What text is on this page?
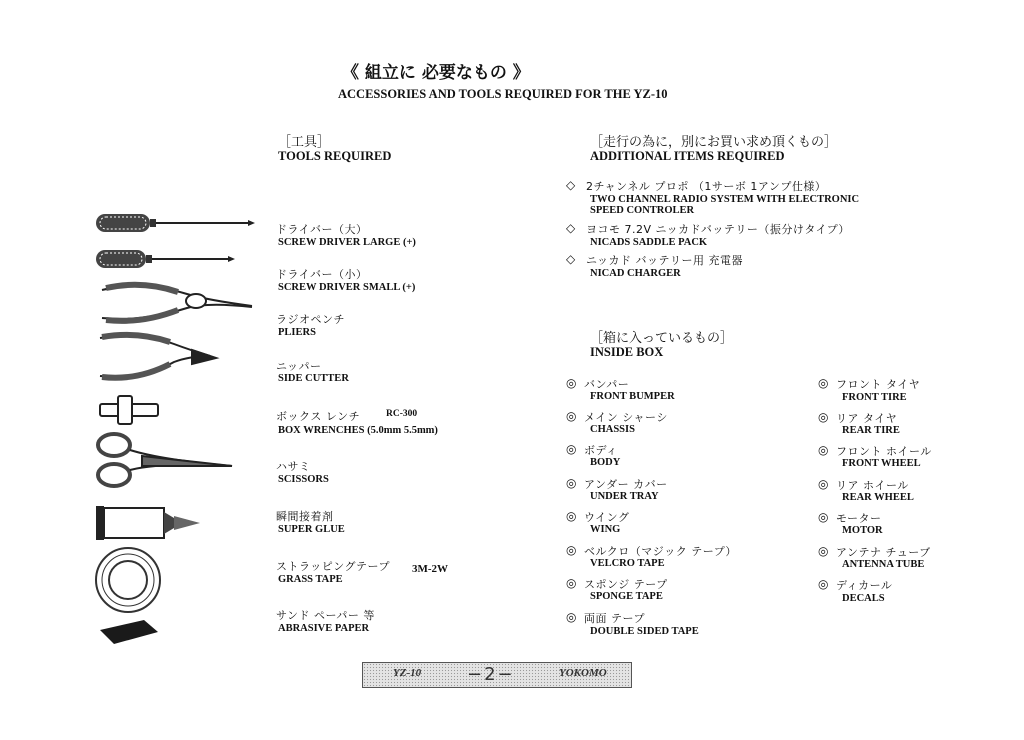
《 組立に 必要なもの 》
ACCESSORIES AND TOOLS REQUIRED FOR THE YZ-10
［工具］
TOOLS REQUIRED
ドライバー（大）
SCREW DRIVER LARGE (+)
ドライバー（小）
SCREW DRIVER SMALL (+)
ラジオペンチ
PLIERS
ニッパー
SIDE CUTTER
ボックス レンチ	RC-300
BOX WRENCHES (5.0mm 5.5mm)
ハサミ
SCISSORS
瞬間接着剤
SUPER GLUE
ストラッピングテープ 3M-2W
GRASS TAPE
サンド ペーパー 等
ABRASIVE PAPER
［走行の為に，別にお買い求め頂くもの］
ADDITIONAL ITEMS REQUIRED
◇ 2チャンネル プロポ （1サーボ 1アンプ仕様）
TWO CHANNEL RADIO SYSTEM WITH ELECTRONIC
SPEED CONTROLER
◇ ヨコモ 7.2V ニッカドバッテリー（振分けタイプ）
NICADS SADDLE PACK
◇ ニッカド バッテリー用 充電器
NICAD CHARGER
［箱に入っているもの］
INSIDE BOX
◎ バンパー
FRONT BUMPER
◎ メイン シャーシ
CHASSIS
◎ ボディ
BODY
◎ アンダー カバー
UNDER TRAY
◎ ウイング
WING
◎ ベルクロ（マジック テープ）
VELCRO TAPE
◎ スポンジ テープ
SPONGE TAPE
◎ 両面 テープ
DOUBLE SIDED TAPE
◎ フロント タイヤ
FRONT TIRE
◎ リア タイヤ
REAR TIRE
◎ フロント ホイール
FRONT WHEEL
◎ リア ホイール
REAR WHEEL
◎ モーター
MOTOR
◎ アンテナ チューブ
ANTENNA TUBE
◎ ディカール
DECALS
YZ-10	−2−	YOKOMO
